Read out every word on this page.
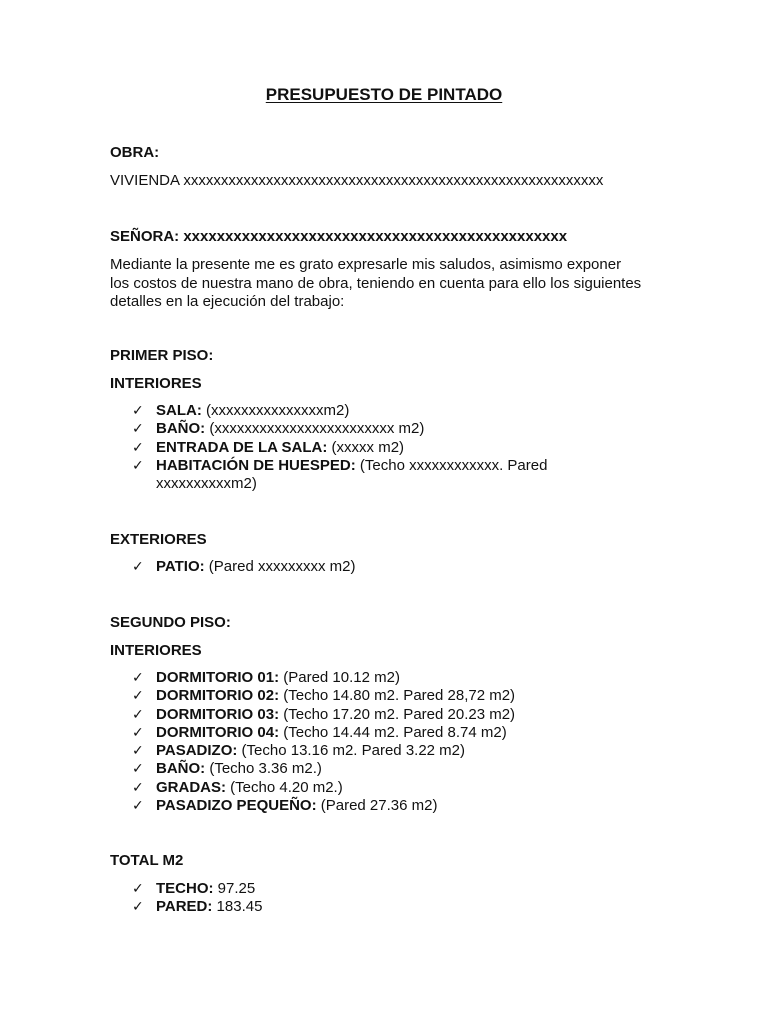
PRESUPUESTO DE PINTADO
OBRA:
VIVIENDA xxxxxxxxxxxxxxxxxxxxxxxxxxxxxxxxxxxxxxxxxxxxxxxxxxxxxxxx
SEÑORA: xxxxxxxxxxxxxxxxxxxxxxxxxxxxxxxxxxxxxxxxxxxxxx
Mediante la presente me es grato expresarle mis saludos, asimismo exponer
los costos de nuestra mano de obra, teniendo en cuenta para ello los siguientes
detalles en la ejecución del trabajo:
PRIMER PISO:
INTERIORES
✓ SALA: (xxxxxxxxxxxxxxxm2)
✓ BAÑO: (xxxxxxxxxxxxxxxxxxxxxxxx m2)
✓ ENTRADA DE LA SALA: (xxxxx m2)
✓ HABITACIÓN DE HUESPED: (Techo xxxxxxxxxxxx. Pared
xxxxxxxxxxm2)
EXTERIORES
✓ PATIO: (Pared xxxxxxxxx m2)
SEGUNDO PISO:
INTERIORES
✓ DORMITORIO 01: (Pared 10.12 m2)
✓ DORMITORIO 02: (Techo 14.80 m2. Pared 28,72 m2)
✓ DORMITORIO 03: (Techo 17.20 m2. Pared 20.23 m2)
✓ DORMITORIO 04: (Techo 14.44 m2. Pared 8.74 m2)
✓ PASADIZO: (Techo 13.16 m2. Pared 3.22 m2)
✓ BAÑO: (Techo 3.36 m2.)
✓ GRADAS: (Techo 4.20 m2.)
✓ PASADIZO PEQUEÑO: (Pared 27.36 m2)
TOTAL M2
✓ TECHO: 97.25
✓ PARED: 183.45
